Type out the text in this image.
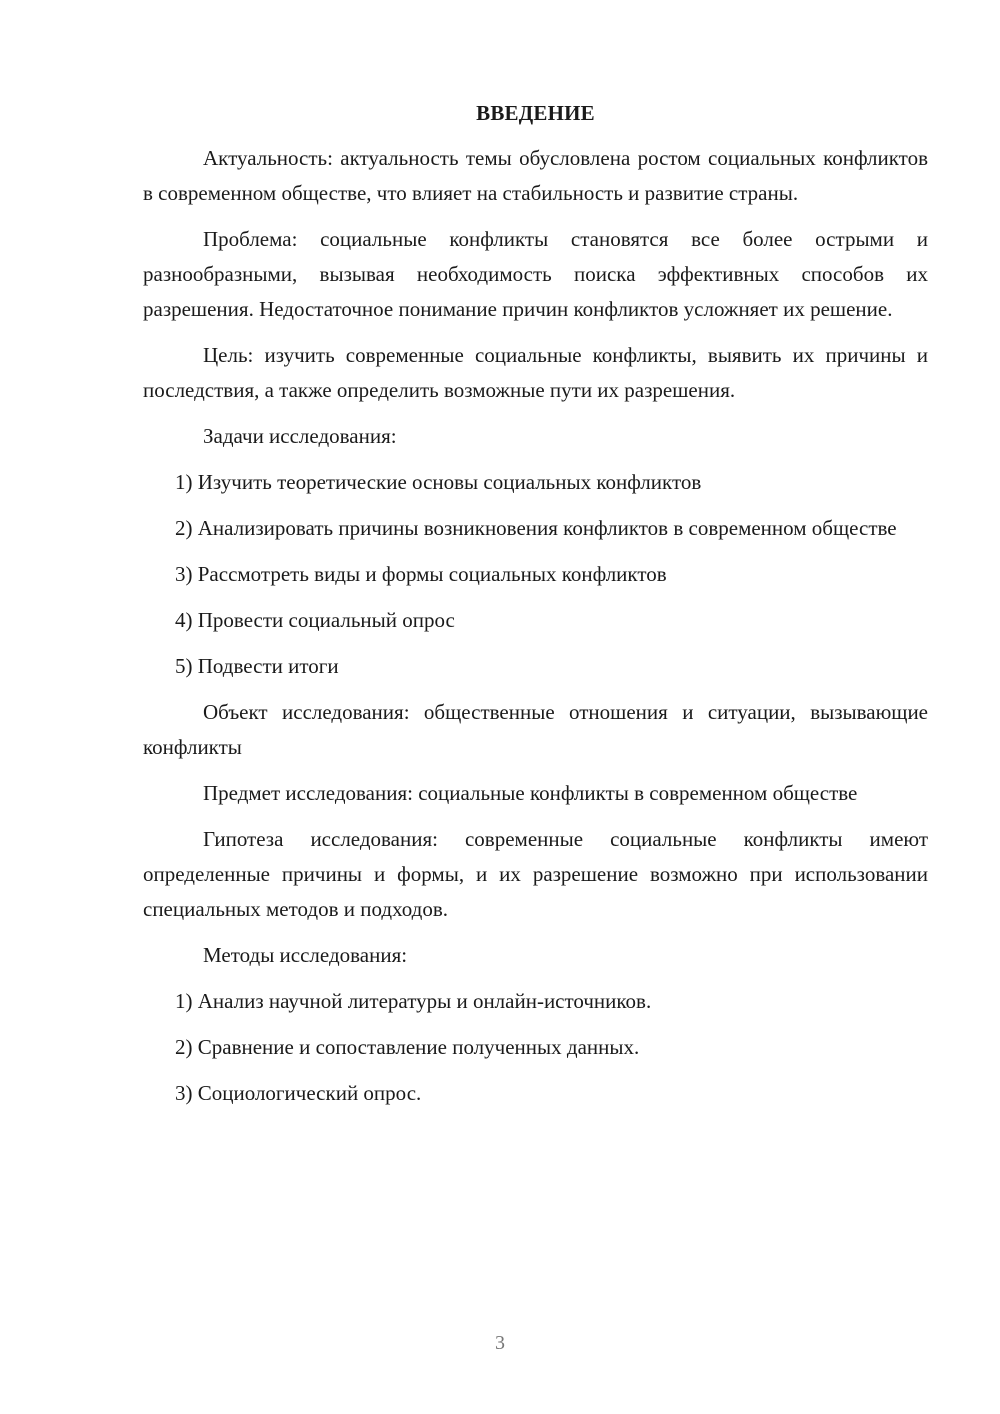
ВВЕДЕНИЕ

Актуальность: актуальность темы обусловлена ростом социальных конфликтов в современном обществе, что влияет на стабильность и развитие страны.

Проблема: социальные конфликты становятся все более острыми и разнообразными, вызывая необходимость поиска эффективных способов их разрешения. Недостаточное понимание причин конфликтов усложняет их решение.

Цель: изучить современные социальные конфликты, выявить их причины и последствия, а также определить возможные пути их разрешения.

Задачи исследования:

1) Изучить теоретические основы социальных конфликтов

2) Анализировать причины возникновения конфликтов в современном обществе

3) Рассмотреть виды и формы социальных конфликтов

4) Провести социальный опрос

5) Подвести итоги

Объект исследования: общественные отношения и ситуации, вызывающие конфликты

Предмет исследования: социальные конфликты в современном обществе

Гипотеза исследования: современные социальные конфликты имеют определенные причины и формы, и их разрешение возможно при использовании специальных методов и подходов.

Методы исследования:

1) Анализ научной литературы и онлайн-источников.

2) Сравнение и сопоставление полученных данных.

3) Социологический опрос.

3
